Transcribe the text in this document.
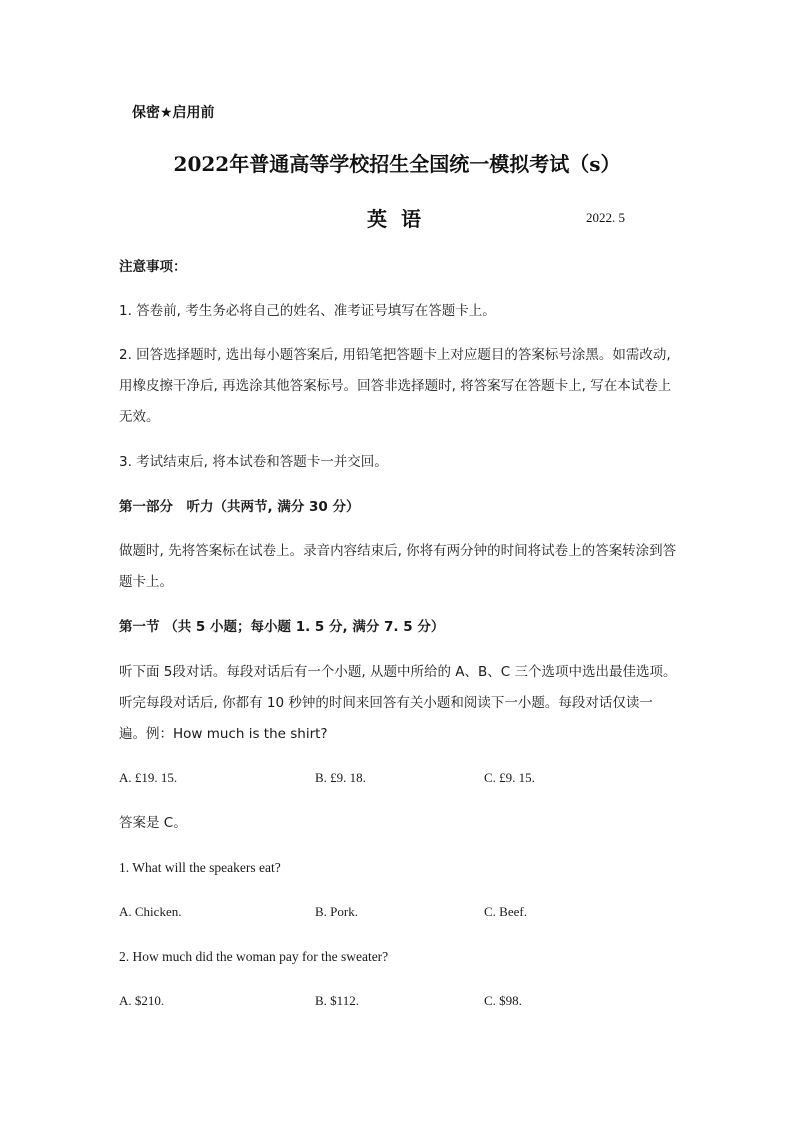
保密★启用前
2022年普通高等学校招生全国统一模拟考试（s）
英语	2022. 5
注意事项：
1. 答卷前, 考生务必将自己的姓名、准考证号填写在答题卡上。
2. 回答选择题时, 选出每小题答案后, 用铅笔把答题卡上对应题目的答案标号涂黑。如需改动, 用橡皮擦干净后, 再选涂其他答案标号。回答非选择题时, 将答案写在答题卡上, 写在本试卷上无效。
3. 考试结束后, 将本试卷和答题卡一并交回。
第一部分　听力（共两节, 满分 30 分）
做题时, 先将答案标在试卷上。录音内容结束后, 你将有两分钟的时间将试卷上的答案转涂到答题卡上。
第一节 （共 5 小题；每小题 1. 5 分, 满分 7. 5 分）
听下面 5段对话。每段对话后有一个小题, 从题中所给的 A、B、C 三个选项中选出最佳选项。听完每段对话后, 你都有 10 秒钟的时间来回答有关小题和阅读下一小题。每段对话仅读一遍。例：How much is the shirt?
A. £19. 15.	B. £9. 18.	C. £9. 15.
答案是 C。
1. What will the speakers eat?
A. Chicken.	B. Pork.	C. Beef.
2. How much did the woman pay for the sweater?
A. $210.	B. $112.	C. $98.
